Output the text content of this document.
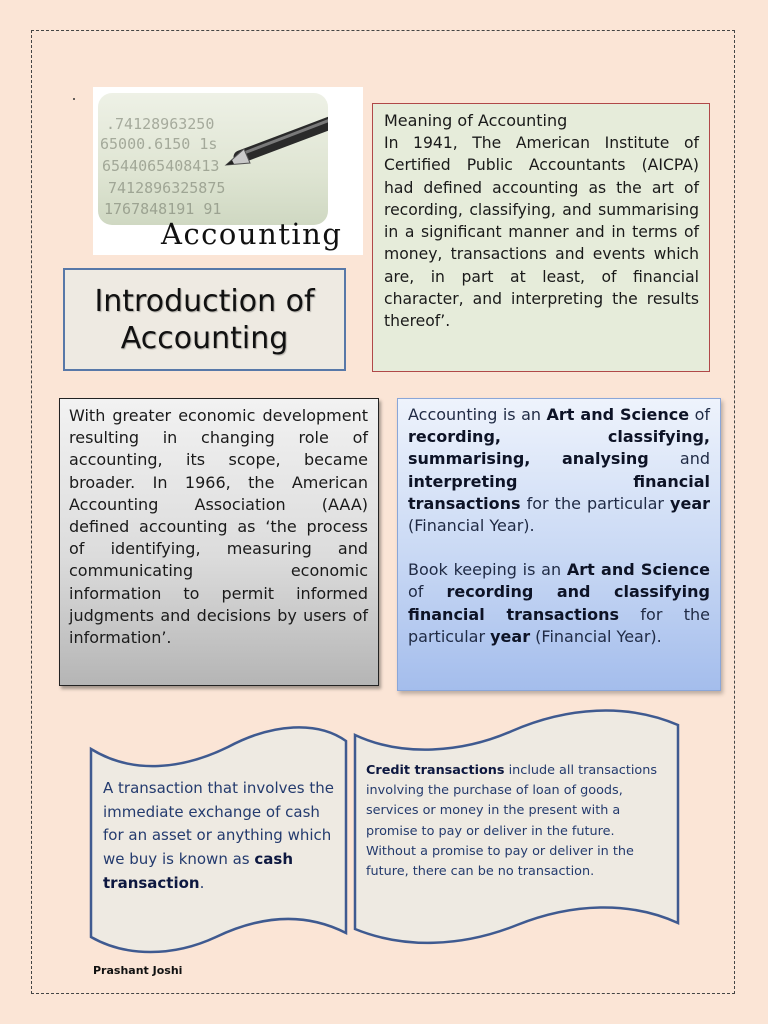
.74128963250
65000.6150 1s
6544065408413
7412896325875
1767848191 91
Accounting
Introduction of
Accounting
Meaning of Accounting
In 1941, The American Institute of Certified Public Accountants (AICPA) had defined accounting as the art of recording, classifying, and summarising in a significant manner and in terms of money, transactions and events which are, in part at least, of financial character, and interpreting the results thereof’.
With greater economic development resulting in changing role of accounting, its scope, became broader. In 1966, the American Accounting Association (AAA) defined accounting as ‘the process of identifying, measuring and communicating economic information to permit informed judgments and decisions by users of information’.

Accounting is an Art and Science of recording, classifying, summarising, analysing and interpreting financial transactions for the particular year (Financial Year).

Book keeping is an Art and Science of recording and classifying financial transactions for the particular year (Financial Year).

A transaction that involves the immediate exchange of cash for an asset or anything which we buy is known as cash transaction.
Credit transactions include all transactions involving the purchase of loan of goods, services or money in the present with a promise to pay or deliver in the future. Without a promise to pay or deliver in the future, there can be no transaction.
Prashant Joshi
